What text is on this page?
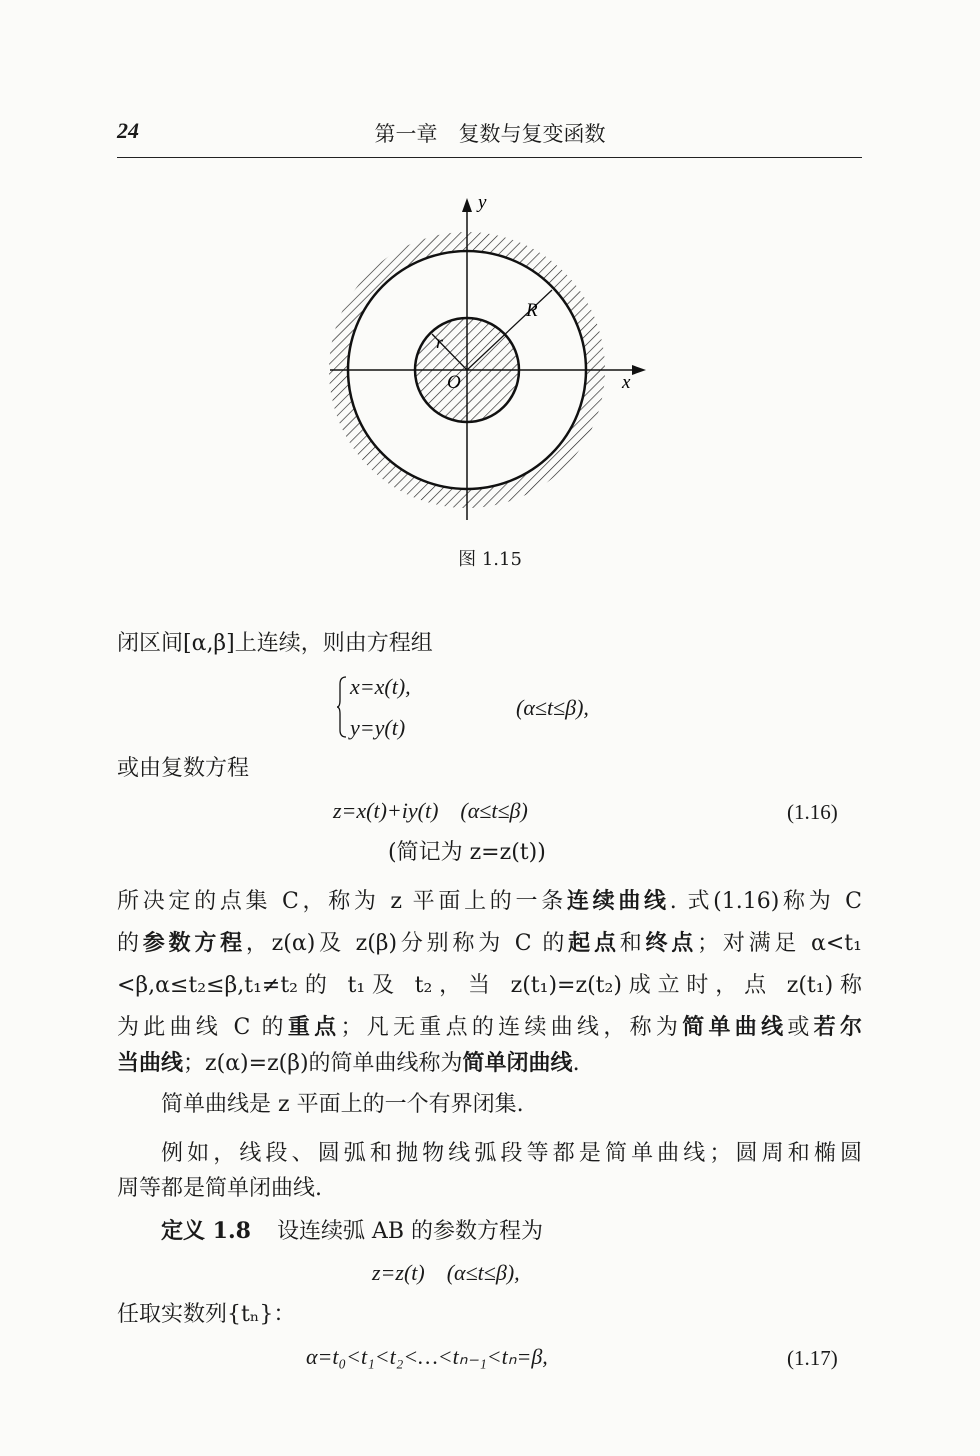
24	第一章　复数与复变函数
y
x
O
R
r
图 1.15
闭区间[α,β]上连续，则由方程组
x=x(t),
y=y(t)
(α≤t≤β),
或由复数方程
z=x(t)+iy(t)　(α≤t≤β)	(1.16)
(简记为 z=z(t))
所决定的点集 C，称为 z 平面上的一条连续曲线. 式(1.16)称为 C
的参数方程，z(α)及 z(β)分别称为 C 的起点和终点；对满足 α<t₁
<β,α≤t₂≤β,t₁≠t₂的 t₁及 t₂，当 z(t₁)=z(t₂)成立时，点 z(t₁)称
为此曲线 C 的重点；凡无重点的连续曲线，称为简单曲线或若尔
当曲线；z(α)=z(β)的简单曲线称为简单闭曲线.
简单曲线是 z 平面上的一个有界闭集.
例如，线段、圆弧和抛物线弧段等都是简单曲线；圆周和椭圆
周等都是简单闭曲线.
定义 1.8 设连续弧 AB 的参数方程为
z=z(t)　(α≤t≤β),
任取实数列{tₙ}：
α=t₀<t₁<t₂<…<tₙ₋₁<tₙ=β,	(1.17)
